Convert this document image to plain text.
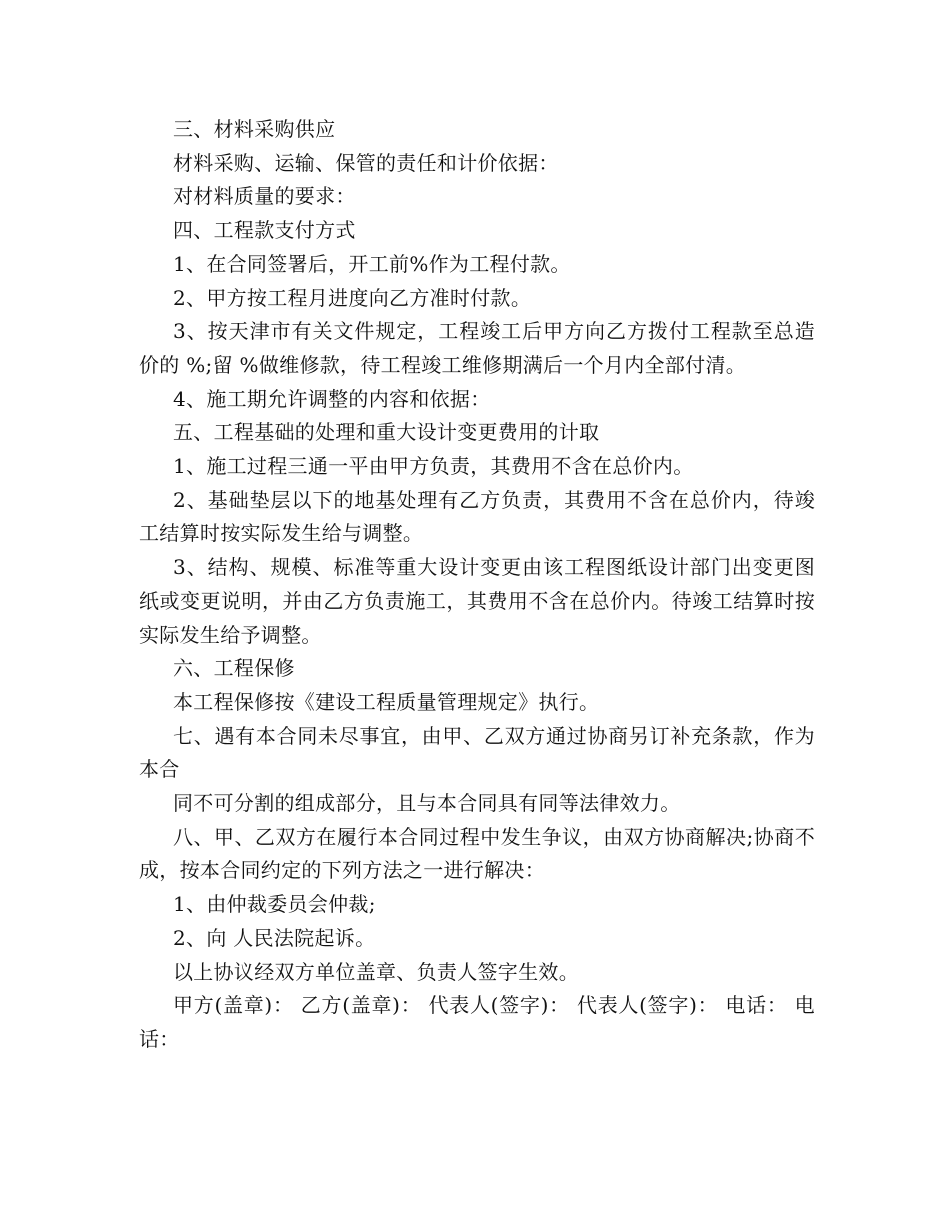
三、材料采购供应

材料采购、运输、保管的责任和计价依据：

对材料质量的要求：

四、工程款支付方式

1、在合同签署后，开工前%作为工程付款。

2、甲方按工程月进度向乙方准时付款。

3、按天津市有关文件规定，工程竣工后甲方向乙方拨付工程款至总造价的 %;留 %做维修款，待工程竣工维修期满后一个月内全部付清。

4、施工期允许调整的内容和依据：

五、工程基础的处理和重大设计变更费用的计取

1、施工过程三通一平由甲方负责，其费用不含在总价内。

2、基础垫层以下的地基处理有乙方负责，其费用不含在总价内，待竣工结算时按实际发生给与调整。

3、结构、规模、标准等重大设计变更由该工程图纸设计部门出变更图纸或变更说明，并由乙方负责施工，其费用不含在总价内。待竣工结算时按实际发生给予调整。

六、工程保修

本工程保修按《建设工程质量管理规定》执行。

七、遇有本合同未尽事宜，由甲、乙双方通过协商另订补充条款，作为本合

同不可分割的组成部分，且与本合同具有同等法律效力。

八、甲、乙双方在履行本合同过程中发生争议，由双方协商解决;协商不成，按本合同约定的下列方法之一进行解决：

1、由仲裁委员会仲裁;

2、向 人民法院起诉。

以上协议经双方单位盖章、负责人签字生效。

甲方(盖章)： 乙方(盖章)： 代表人(签字)： 代表人(签字)： 电话： 电话：
